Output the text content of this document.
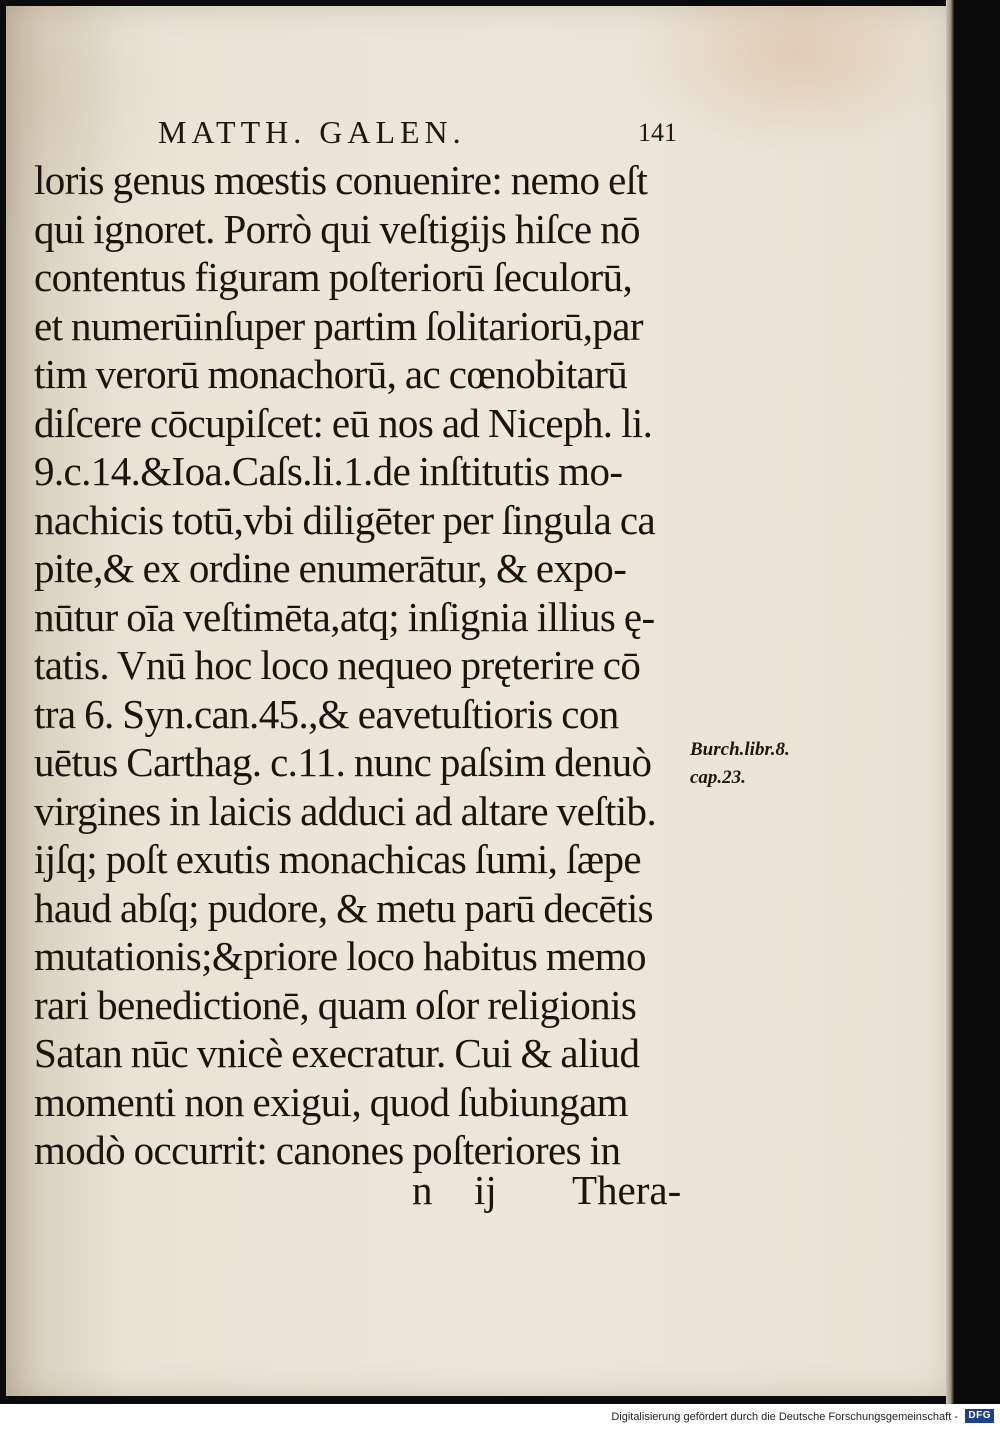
MATTH. GALEN.	141
loris genus mœstis conuenire: nemo eſt
qui ignoret. Porrò qui veſtigijs hiſce nō
contentus figuram poſteriorū ſeculorū,
et numerūinſuper partim ſolitariorū,par
tim verorū monachorū, ac cœnobitarū
diſcere cōcupiſcet: eū nos ad Niceph. li.
9.c.14.&Ioa.Caſs.li.1.de inſtitutis mo-
nachicis totū,vbi diligēter per ſingula ca
pite,& ex ordine enumerātur, & expo-
nūtur oīa veſtimēta,atq; inſignia illius ę-
tatis. Vnū hoc loco nequeo pręterire cō
tra 6. Syn.can.45.,& eavetuſtioris con
uētus Carthag. c.11. nunc paſsim denuò
virgines in laicis adduci ad altare veſtib.
ijſq; poſt exutis monachicas ſumi, ſæpe
haud abſq; pudore, & metu parū decētis
mutationis;&priore loco habitus memo
rari benedictionē, quam oſor religionis
Satan nūc vnicè execratur. Cui & aliud
momenti non exigui, quod ſubiungam
modò occurrit: canones poſteriores in
Burch.libr.8.
cap.23.
n ij Thera-
Digitalisierung gefördert durch die Deutsche Forschungsgemeinschaft -	DFG
